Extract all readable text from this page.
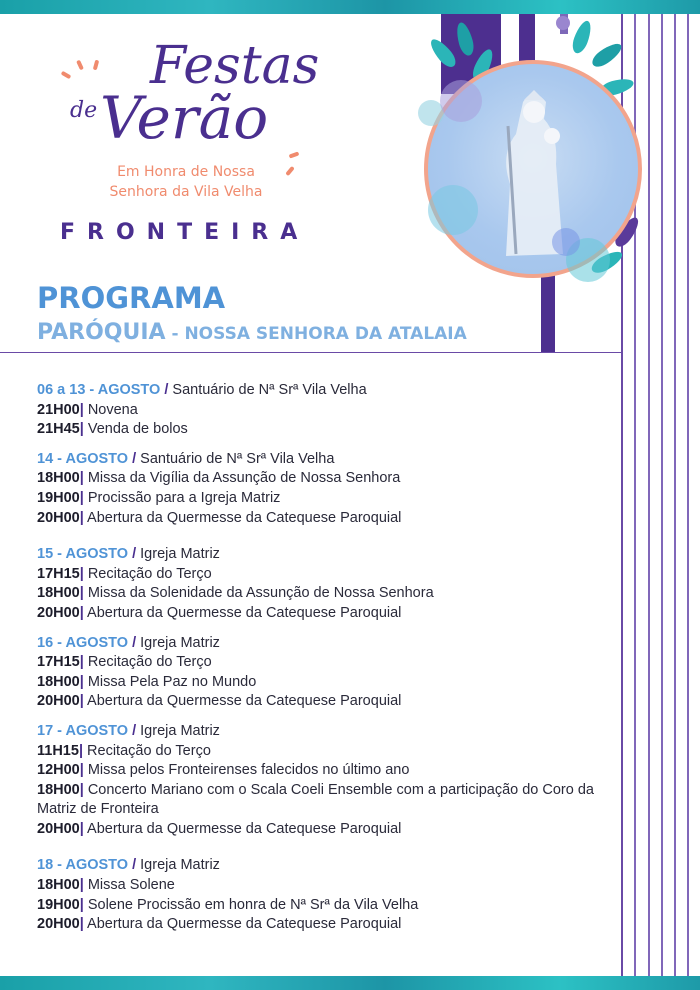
Festas
de Verão
Em Honra de Nossa
Senhora da Vila Velha
FRONTEIRA
PROGRAMA
PARÓQUIA - NOSSA SENHORA DA ATALAIA
06 a 13 - AGOSTO / Santuário de Nª Srª Vila Velha
21H00| Novena
21H45| Venda de bolos
14 - AGOSTO / Santuário de Nª Srª Vila Velha
18H00| Missa da Vigília da Assunção de Nossa Senhora
19H00| Procissão para a Igreja Matriz
20H00| Abertura da Quermesse da Catequese Paroquial
15 - AGOSTO / Igreja Matriz
17H15| Recitação do Terço
18H00| Missa da Solenidade da Assunção de Nossa Senhora
20H00| Abertura da Quermesse da Catequese Paroquial
16 - AGOSTO / Igreja Matriz
17H15| Recitação do Terço
18H00| Missa Pela Paz no Mundo
20H00| Abertura da Quermesse da Catequese Paroquial
17 - AGOSTO / Igreja Matriz
11H15| Recitação do Terço
12H00| Missa pelos Fronteirenses falecidos no último ano
18H00| Concerto Mariano com o Scala Coeli Ensemble com a participação do Coro da Matriz de Fronteira
20H00| Abertura da Quermesse da Catequese Paroquial
18 - AGOSTO / Igreja Matriz
18H00| Missa Solene
19H00| Solene Procissão em honra de Nª Srª da Vila Velha
20H00| Abertura da Quermesse da Catequese Paroquial
